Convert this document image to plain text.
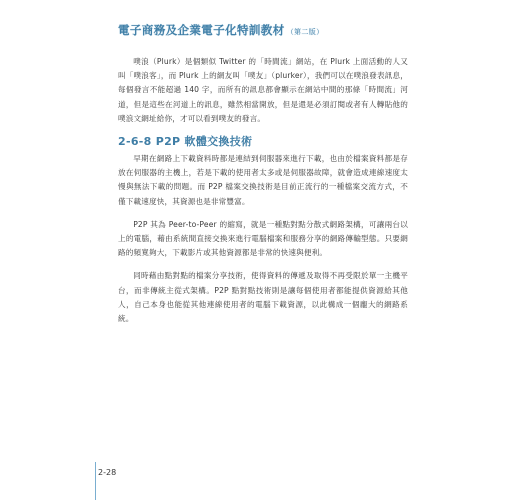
電子商務及企業電子化特訓教材 （第二版）

噗浪（Plurk）是個類似 Twitter 的「時間流」網站，在 Plurk 上面活動的人又叫「噗浪客」，而 Plurk 上的網友叫「噗友」（plurker），我們可以在噗浪發表訊息，每個發言不能超過 140 字，而所有的訊息都會顯示在網站中間的那條「時間流」河道，但是這些在河道上的訊息，雖然相當開放，但是還是必須訂閱或者有人轉貼他的噗浪文網址給你，才可以看到噗友的發言。

2-6-8 P2P 軟體交換技術

早期在網路上下載資料時都是連結到伺服器來進行下載，也由於檔案資料都是存放在伺服器的主機上，若是下載的使用者太多或是伺服器故障，就會造成連線速度太慢與無法下載的問題。而 P2P 檔案交換技術是目前正流行的一種檔案交流方式，不僅下載速度快，其資源也是非常豐富。

P2P 其為 Peer-to-Peer 的縮寫，就是一種點對點分散式網路架構，可讓兩台以上的電腦，藉由系統間直接交換來進行電腦檔案和服務分享的網路傳輸型態。只要網路的頻寬夠大，下載影片或其他資源都是非常的快速與便利。

同時藉由點對點的檔案分享技術，使得資料的傳遞及取得不再受限於單一主機平台，而非傳統主從式架構。P2P 點對點技術則是讓每個使用者都能提供資源給其他人，自己本身也能從其他連線使用者的電腦下載資源，以此構成一個龐大的網路系統。

2-28
